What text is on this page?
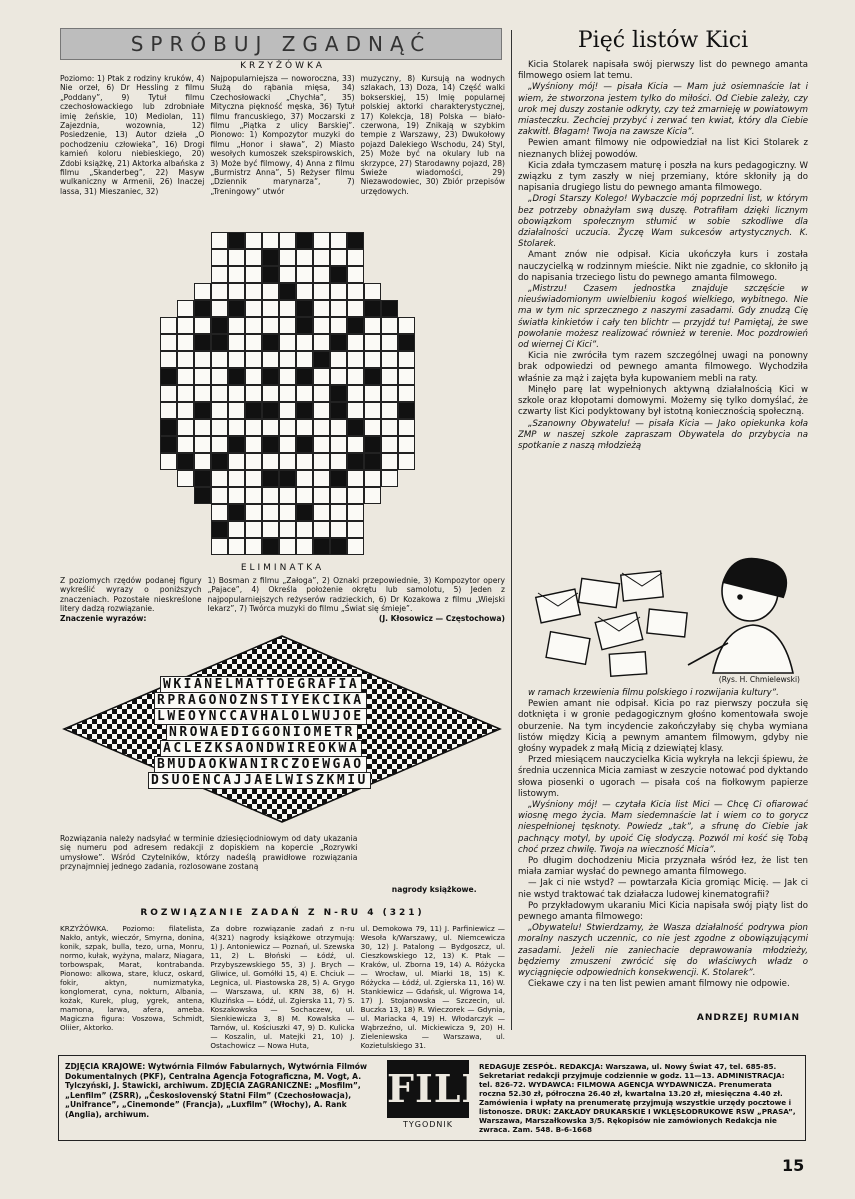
SPRÓBUJ ZGADNĄĆ
KRZYŻÓWKA
Poziomo: 1) Ptak z rodziny kruków, 4) Nie orzeł, 6) Dr Hessling z filmu „Poddany”, 9) Tytuł filmu czechosłowackiego lub zdrobniałe imię żeńskie, 10) Mediolan, 11) Zajezdnia, wozownia, 12) Posiedzenie, 13) Autor dzieła „O pochodzeniu człowieka”, 16) Drogi kamień koloru niebieskiego, 20) Zdobi książkę, 21) Aktorka albańska z filmu „Skanderbeg”, 22) Masyw wulkaniczny w Armenii, 26) Inaczej lassa, 31) Mieszaniec, 32)
Najpopularniejsza — noworoczna, 33) Służą do rąbania mięsa, 34) Czechosłowacki „Chychła”, 35) Mityczna piękność męska, 36) Tytuł filmu francuskiego, 37) Moczarski z filmu „Piątka z ulicy Barskiej”. Pionowo: 1) Kompozytor muzyki do filmu „Honor i sława”, 2) Miasto wesołych kumoszek szekspirowskich, 3) Może być filmowy, 4) Anna z filmu „Burmistrz Anna”, 5) Reżyser filmu „Dziennik marynarza”, 7) „Treningowy” utwór
muzyczny, 8) Kursują na wodnych szlakach, 13) Doza, 14) Część walki bokserskiej, 15) Imię popularnej polskiej aktorki charakterystycznej, 17) Kolekcja, 18) Polska — biało-czerwona, 19) Znikają w szybkim tempie z Warszawy, 23) Dwukołowy pojazd Dalekiego Wschodu, 24) Styl, 25) Może być na okulary lub na skrzypce, 27) Starodawny pojazd, 28) Świeże wiadomości, 29) Niezawodowiec, 30) Zbiór przepisów urzędowych.
ELIMINATKA
Z poziomych rzędów podanej figury wykreślić wyrazy o poniższych znaczeniach. Pozostałe nieskreślone litery dadzą rozwiązanie.
Znaczenie wyrazów:
1) Bosman z filmu „Załoga”, 2) Oznaki przepowiednie, 3) Kompozytor opery „Pajace”, 4) Określa położenie okrętu lub samolotu, 5) Jeden z najpopularniejszych reżyserów radzieckich, 6) Dr Kozakowa z filmu „Wiejski lekarz”, 7) Twórca muzyki do filmu „Świat się śmieje”.
(J. Kłosowicz — Częstochowa)
WKIANELMATTOEGRAFIA
RPRAGONOZNSTIYEKCIKA
LWEOYNCCAVHALOLWUJOE
NROWAEDIGGONIOMETR
ACLEZKSAONDWIREOKWA
BMUDAOKWANIRCZOEWGAO
DSUOENCAJJAELWISZKMIU
Rozwiązania należy nadsyłać w terminie dziesięciodniowym od daty ukazania się numeru pod adresem redakcji z dopiskiem na kopercie „Rozrywki umysłowe”. Wśród Czytelników, którzy nadeślą prawidłowe rozwiązania przynajmniej jednego zadania, rozlosowane zostaną
nagrody książkowe.
ROZWIĄZANIE ZADAŃ Z N-RU 4 (321)
KRZYŻÓWKA. Poziomo: filatelista, Nakło, antyk, wieczór, Smyrna, donina, konik, szpak, bulla, tezo, urna, Monru, normo, kułak, wyżyna, malarz, Niagara, torbowspak, Marat, kontrabanda. Pionowo: alkowa, stare, klucz, oskard, fokir, aktyn, numizmatyka, konglomerat, cyna, nokturn, Albania, kożak, Kurek, plug, ygrek, antena, mamona, larwa, afera, ameba. Magiczna figura: Voszowa, Schmidt, Oliier, Aktorko.
Za dobre rozwiązanie zadań z n-ru 4(321) nagrody książkowe otrzymują: 1) J. Antoniewicz — Poznań, ul. Szewska 11, 2) L. Błoński — Łódź, ul. Przybyszewskiego 55, 3) J. Brych — Gliwice, ul. Gomółki 15, 4) E. Chciuk — Legnica, ul. Piastowska 28, 5) A. Grygo — Warszawa, ul. KRN 38, 6) H. Kluzińska — Łódź, ul. Zgierska 11, 7) S. Koszakowska — Sochaczew, ul. Sienkiewicza 3, 8) M. Kowalska — Tarnów, ul. Kościuszki 47, 9) D. Kulicka — Koszalin, ul. Matejki 21, 10) J. Ostachowicz — Nowa Huta,
ul. Demokowa 79, 11) J. Parfiniewicz — Wesoła k/Warszawy, ul. Niemcewicza 30, 12) J. Patalong — Bydgoszcz, ul. Cieszkowskiego 12, 13) K. Ptak — Kraków, ul. Zborna 19, 14) A. Różycka — Wrocław, ul. Miarki 18, 15) K. Różycka — Łódź, ul. Zgierska 11, 16) W. Stankiewicz — Gdańsk, ul. Wigrowa 14, 17) J. Stojanowska — Szczecin, ul. Buczka 13, 18) R. Wieczorek — Gdynia, ul. Mariacka 4, 19) H. Włodarczyk — Wąbrzeźno, ul. Mickiewicza 9, 20) H. Zieleniewska — Warszawa, ul. Kozietulskiego 31.
Pięć listów Kici

Kicia Stolarek napisała swój pierwszy list do pewnego amanta filmowego osiem lat temu.

„Wyśniony mój! — pisała Kicia — Mam już osiemnaście lat i wiem, że stworzona jestem tylko do miłości. Od Ciebie zależy, czy urok mej duszy zostanie odkryty, czy też zmarnieję w powiatowym miasteczku. Zechciej przybyć i zerwać ten kwiat, który dla Ciebie zakwitł. Błagam! Twoja na zawsze Kicia”.

Pewien amant filmowy nie odpowiedział na list Kici Stolarek z nieznanych bliżej powodów.

Kicia zdała tymczasem maturę i poszła na kurs pedagogiczny. W związku z tym zaszły w niej przemiany, które skłoniły ją do napisania drugiego listu do pewnego amanta filmowego.

„Drogi Starszy Kolego! Wybaczcie mój poprzedni list, w którym bez potrzeby obnażyłam swą duszę. Potrafiłam dzięki licznym obowiązkom społecznym stłumić w sobie szkodliwe dla działalności uczucia. Życzę Wam sukcesów artystycznych. K. Stolarek.

Amant znów nie odpisał. Kicia ukończyła kurs i została nauczycielką w rodzinnym mieście. Nikt nie zgadnie, co skłoniło ją do napisania trzeciego listu do pewnego amanta filmowego.

„Mistrzu! Czasem jednostka znajduje szczęście w nieuświadomionym uwielbieniu kogoś wielkiego, wybitnego. Nie ma w tym nic sprzecznego z naszymi zasadami. Gdy znudzą Cię światła kinkietów i cały ten blichtr — przyjdź tu! Pamiętaj, że swe powołanie możesz realizować również w terenie. Moc pozdrowień od wiernej Ci Kici”.

Kicia nie zwróciła tym razem szczególnej uwagi na ponowny brak odpowiedzi od pewnego amanta filmowego. Wychodziła właśnie za mąż i zajęta była kupowaniem mebli na raty.

Minęło parę lat wypełnionych aktywną działalnością Kici w szkole oraz kłopotami domowymi. Możemy się tylko domyślać, że czwarty list Kici podyktowany był istotną koniecznością społeczną.

„Szanowny Obywatelu! — pisała Kicia — Jako opiekunka koła ZMP w naszej szkole zapraszam Obywatela do przybycia na spotkanie z naszą młodzieżą

(Rys. H. Chmielewski)

w ramach krzewienia filmu polskiego i rozwijania kultury”.

Pewien amant nie odpisał. Kicia po raz pierwszy poczuła się dotknięta i w gronie pedagogicznym głośno komentowała swoje oburzenie. Na tym incydencie zakończyłaby się chyba wymiana listów między Kicią a pewnym amantem filmowym, gdyby nie głośny wypadek z małą Micią z dziewiątej klasy.

Przed miesiącem nauczycielka Kicia wykryła na lekcji śpiewu, że średnia uczennica Micia zamiast w zeszycie notować pod dyktando słowa piosenki o ugorach — pisała coś na fiołkowym papierze listowym.

„Wyśniony mój! — czytała Kicia list Mici — Chcę Ci ofiarować wiosnę mego życia. Mam siedemnaście lat i wiem co to gorycz niespełnionej tęsknoty. Powiedz „tak”, a sfrunę do Ciebie jak pachnący motyl, by upoić Cię słodyczą. Pozwól mi kość się Tobą choć przez chwilę. Twoja na wieczność Micia”.

Po długim dochodzeniu Micia przyznała wśród łez, że list ten miała zamiar wysłać do pewnego amanta filmowego.

— Jak ci nie wstyd? — powtarzała Kicia gromiąc Micię. — Jak ci nie wstyd traktować tak działacza ludowej kinematografii?

Po przykładowym ukaraniu Mici Kicia napisała swój piąty list do pewnego amanta filmowego:

„Obywatelu! Stwierdzamy, że Wasza działalność podrywa pion moralny naszych uczennic, co nie jest zgodne z obowiązującymi zasadami. Jeżeli nie zaniechacie deprawowania młodzieży, będziemy zmuszeni zwrócić się do właściwych władz o wyciągnięcie odpowiednich konsekwencji. K. Stolarek”.

Ciekawe czy i na ten list pewien amant filmowy nie odpowie.

ANDRZEJ RUMIAN
ZDJĘCIA KRAJOWE: Wytwórnia Filmów Fabularnych, Wytwórnia Filmów Dokumentalnych (PKF), Centralna Agencja Fotograficzna, M. Vogt, A. Tylczyński, J. Stawicki, archiwum. ZDJĘCIA ZAGRANICZNE: „Mosfilm”, „Lenfilm” (ZSRR), „Československý Statni Film” (Czechosłowacja), „Unifrance”, „Cinemonde” (Francja), „Luxfilm” (Włochy), A. Rank (Anglia), archiwum.
FILM
TYGODNIK
REDAGUJE ZESPÓŁ. REDAKCJA: Warszawa, ul. Nowy Świat 47, tel. 685-85. Sekretariat redakcji przyjmuje codziennie w godz. 11—13. ADMINISTRACJA: tel. 826-72. WYDAWCA: FILMOWA AGENCJA WYDAWNICZA. Prenumerata roczna 52.30 zł, półroczna 26.40 zł, kwartalna 13.20 zł, miesięczna 4.40 zł. Zamówienia i wpłaty na prenumeratę przyjmują wszystkie urzędy pocztowe i listonosze. DRUK: ZAKŁADY DRUKARSKIE I WKLĘSŁODRUKOWE RSW „PRASA”, Warszawa, Marszałkowska 3/5. Rękopisów nie zamówionych Redakcja nie zwraca. Zam. 548. B-6-1668
15
